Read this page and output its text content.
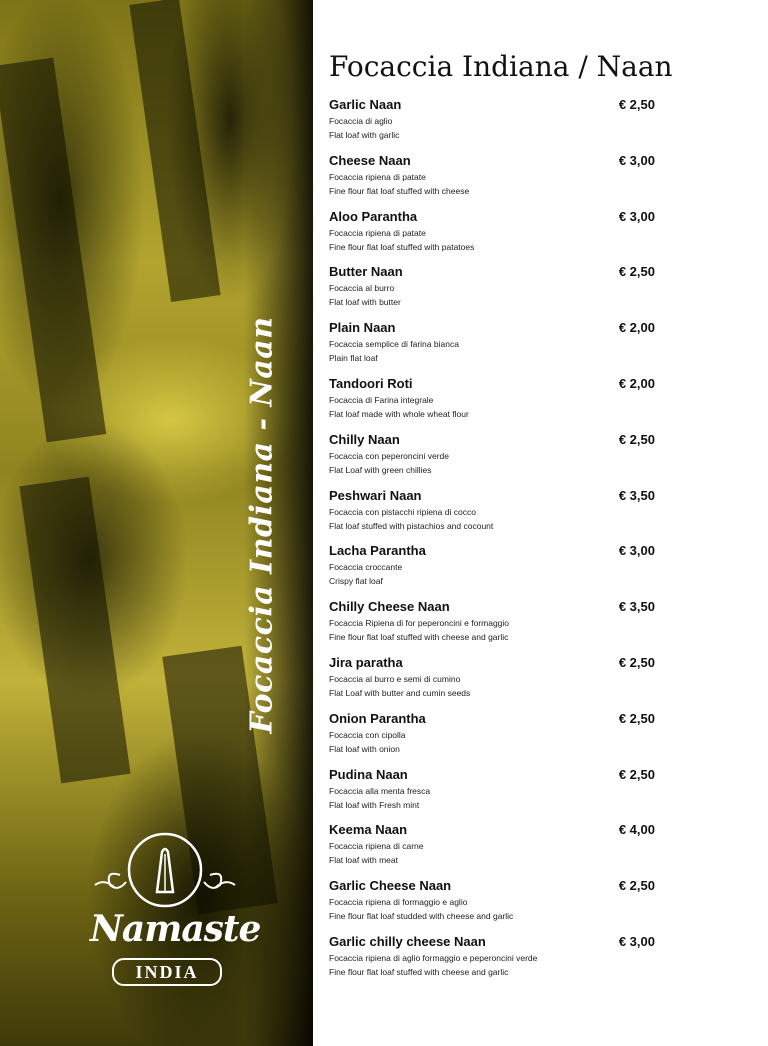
Focaccia Indiana - Naan
Namaste
INDIA
Focaccia Indiana / Naan
Garlic Naan	€ 2,50
Focaccia di aglio
Flat loaf with garlic
Cheese Naan	€ 3,00
Focaccia ripiena di patate
Fine flour flat loaf stuffed with cheese
Aloo Parantha	€ 3,00
Focaccia ripiena di patate
Fine flour flat loaf stuffed with patatoes
Butter Naan	€ 2,50
Focaccia al burro
Flat loaf with butter
Plain Naan	€ 2,00
Focaccia semplice di farina bianca
Plain flat loaf
Tandoori Roti	€ 2,00
Focaccia di Farina integrale
Flat loaf made with whole wheat flour
Chilly Naan	€ 2,50
Focaccia con peperoncini verde
Flat Loaf with green chillies
Peshwari Naan	€ 3,50
Focaccia con pistacchi ripiena di cocco
Flat loaf stuffed with pistachios and cocount
Lacha Parantha	€ 3,00
Focaccia croccante
Crispy flat loaf
Chilly Cheese Naan	€ 3,50
Focaccia Ripiena di for peperoncini e formaggio
Fine flour flat loaf stuffed with cheese and garlic
Jira paratha	€ 2,50
Focaccia al burro e semi di cumino
Flat Loaf with butter and cumin seeds
Onion Parantha	€ 2,50
Focaccia con cipolla
Flat loaf with onion
Pudina Naan	€ 2,50
Focaccia alla menta fresca
Flat loaf with Fresh mint
Keema Naan	€ 4,00
Focaccia ripiena di carne
Flat loaf with meat
Garlic Cheese Naan	€ 2,50
Focaccia ripiena di formaggio e aglio
Fine flour flat loaf studded with cheese and garlic
Garlic chilly cheese Naan	€ 3,00
Focaccia ripiena di aglio formaggio e peperoncini verde
Fine flour flat loaf stuffed with cheese and garlic
